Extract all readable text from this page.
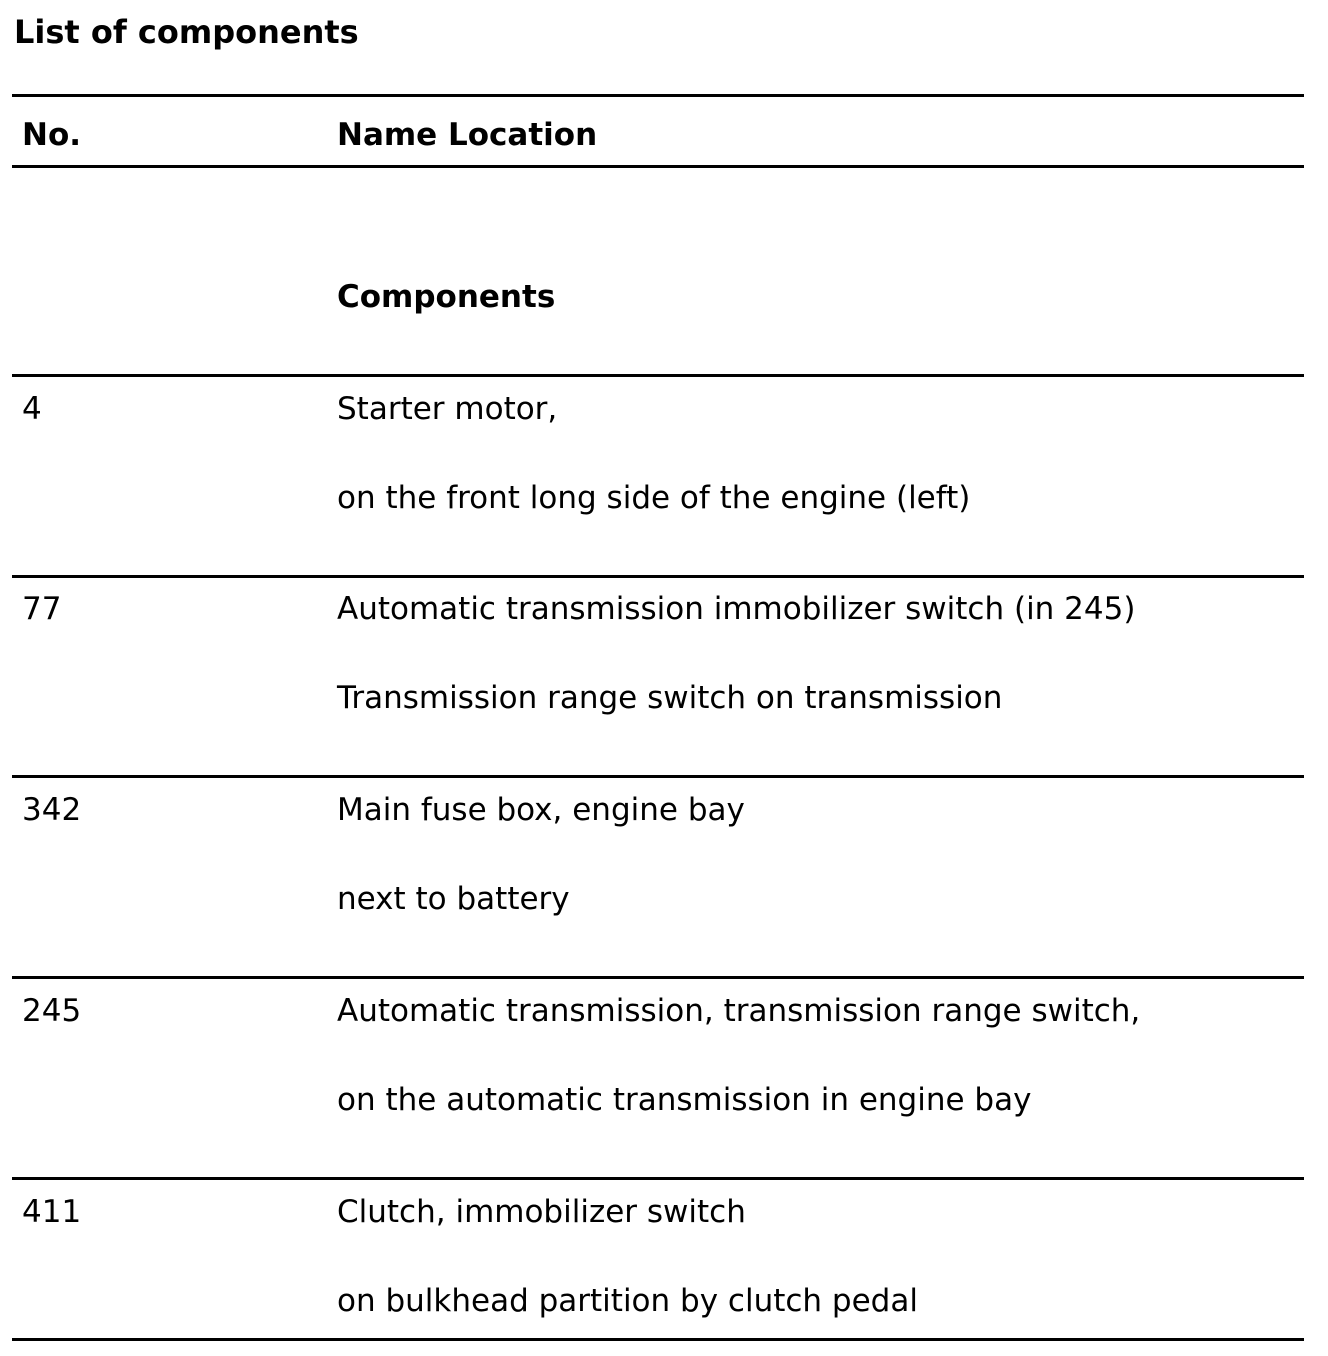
List of components
No.	Name Location
Components
4	Starter motor,
on the front long side of the engine (left)
77	Automatic transmission immobilizer switch (in 245)
Transmission range switch on transmission
342	Main fuse box, engine bay
next to battery
245	Automatic transmission, transmission range switch,
on the automatic transmission in engine bay
411	Clutch, immobilizer switch
on bulkhead partition by clutch pedal
